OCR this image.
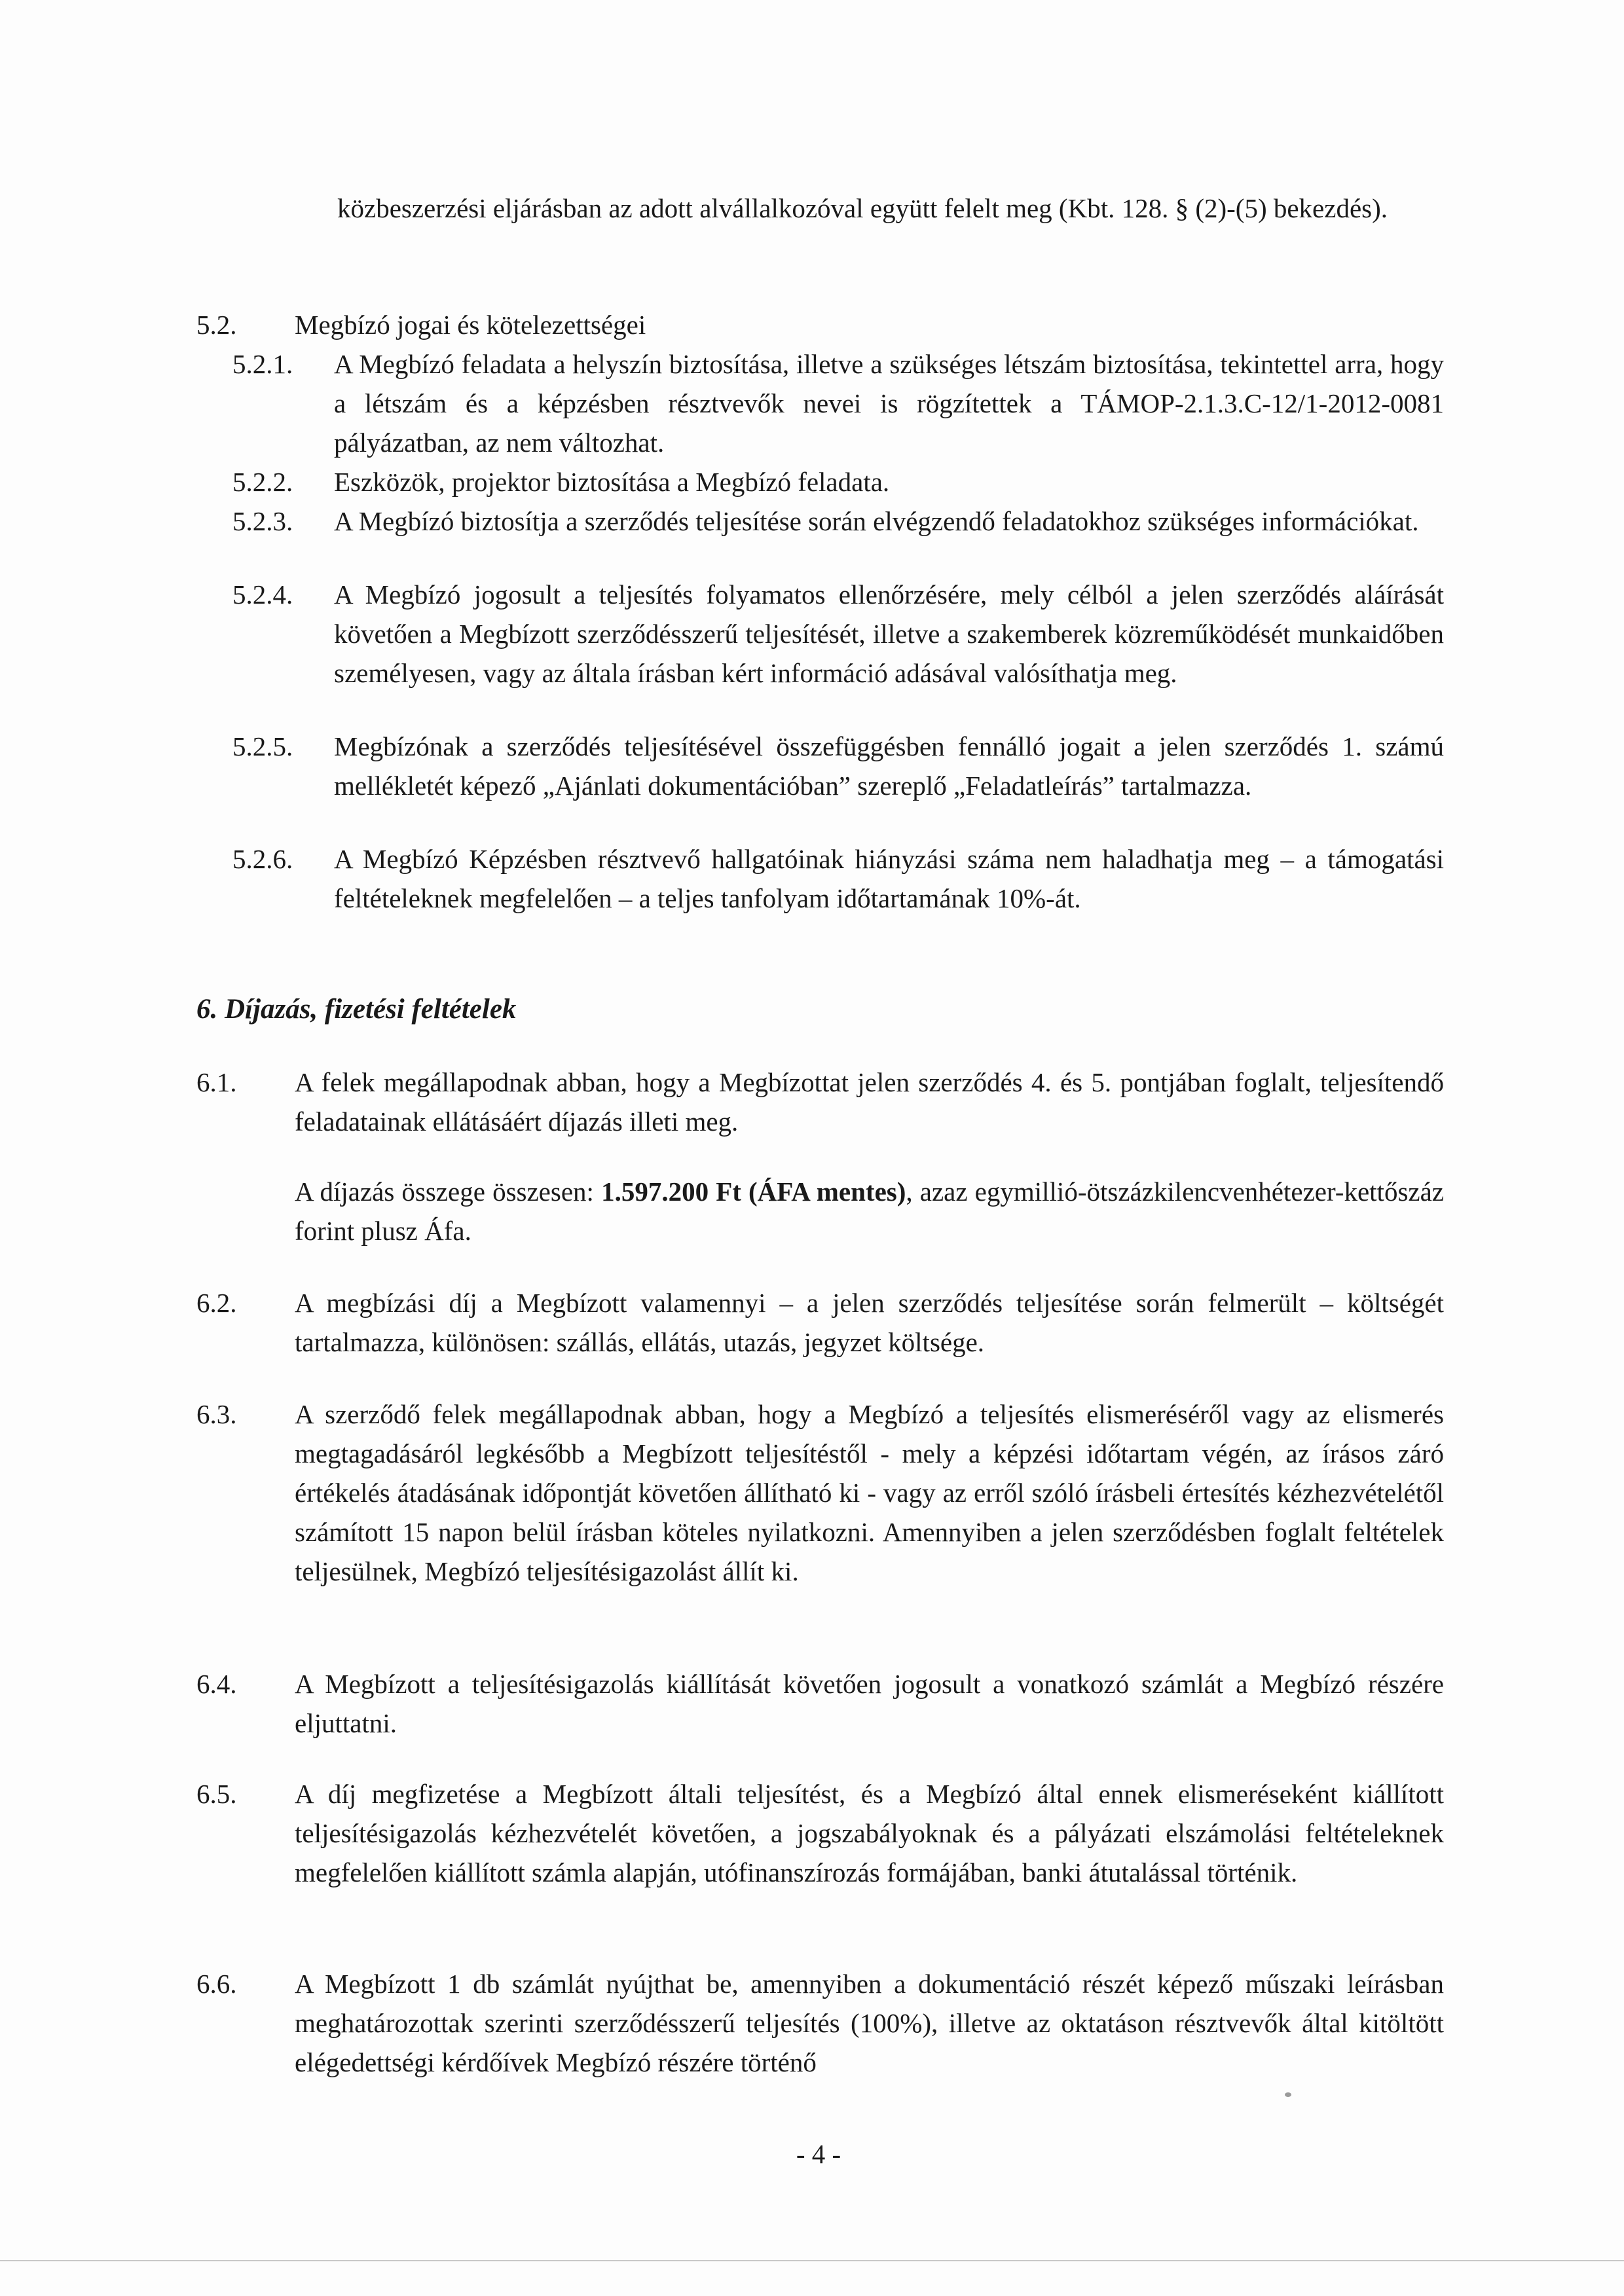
közbeszerzési eljárásban az adott alvállalkozóval együtt felelt meg (Kbt. 128. § (2)-(5) bekezdés).

5.2. Megbízó jogai és kötelezettségei
5.2.1. A Megbízó feladata a helyszín biztosítása, illetve a szükséges létszám biztosítása, tekintettel arra, hogy a létszám és a képzésben résztvevők nevei is rögzítettek a TÁMOP-2.1.3.C-12/1-2012-0081 pályázatban, az nem változhat.

5.2.2. Eszközök, projektor biztosítása a Megbízó feladata.

5.2.3. A Megbízó biztosítja a szerződés teljesítése során elvégzendő feladatokhoz szükséges információkat.

5.2.4. A Megbízó jogosult a teljesítés folyamatos ellenőrzésére, mely célból a jelen szerződés aláírását követően a Megbízott szerződésszerű teljesítését, illetve a szakemberek közreműködését munkaidőben személyesen, vagy az általa írásban kért információ adásával valósíthatja meg.

5.2.5. Megbízónak a szerződés teljesítésével összefüggésben fennálló jogait a jelen szerződés 1. számú mellékletét képező „Ajánlati dokumentációban” szereplő „Feladatleírás” tartalmazza.

5.2.6. A Megbízó Képzésben résztvevő hallgatóinak hiányzási száma nem haladhatja meg – a támogatási feltételeknek megfelelően – a teljes tanfolyam időtartamának 10%-át.

6. Díjazás, fizetési feltételek

6.1. A felek megállapodnak abban, hogy a Megbízottat jelen szerződés 4. és 5. pontjában foglalt, teljesítendő feladatainak ellátásáért díjazás illeti meg.

A díjazás összege összesen: 1.597.200 Ft (ÁFA mentes), azaz egymillió-ötszázkilencvenhétezer-kettőszáz forint plusz Áfa.

6.2. A megbízási díj a Megbízott valamennyi – a jelen szerződés teljesítése során felmerült – költségét tartalmazza, különösen: szállás, ellátás, utazás, jegyzet költsége.

6.3. A szerződő felek megállapodnak abban, hogy a Megbízó a teljesítés elismeréséről vagy az elismerés megtagadásáról legkésőbb a Megbízott teljesítéstől - mely a képzési időtartam végén, az írásos záró értékelés átadásának időpontját követően állítható ki - vagy az erről szóló írásbeli értesítés kézhezvételétől számított 15 napon belül írásban köteles nyilatkozni. Amennyiben a jelen szerződésben foglalt feltételek teljesülnek, Megbízó teljesítésigazolást állít ki.

6.4. A Megbízott a teljesítésigazolás kiállítását követően jogosult a vonatkozó számlát a Megbízó részére eljuttatni.

6.5. A díj megfizetése a Megbízott általi teljesítést, és a Megbízó által ennek elismeréseként kiállított teljesítésigazolás kézhezvételét követően, a jogszabályoknak és a pályázati elszámolási feltételeknek megfelelően kiállított számla alapján, utófinanszírozás formájában, banki átutalással történik.

6.6. A Megbízott 1 db számlát nyújthat be, amennyiben a dokumentáció részét képező műszaki leírásban meghatározottak szerinti szerződésszerű teljesítés (100%), illetve az oktatáson résztvevők által kitöltött elégedettségi kérdőívek Megbízó részére történő

- 4 -
